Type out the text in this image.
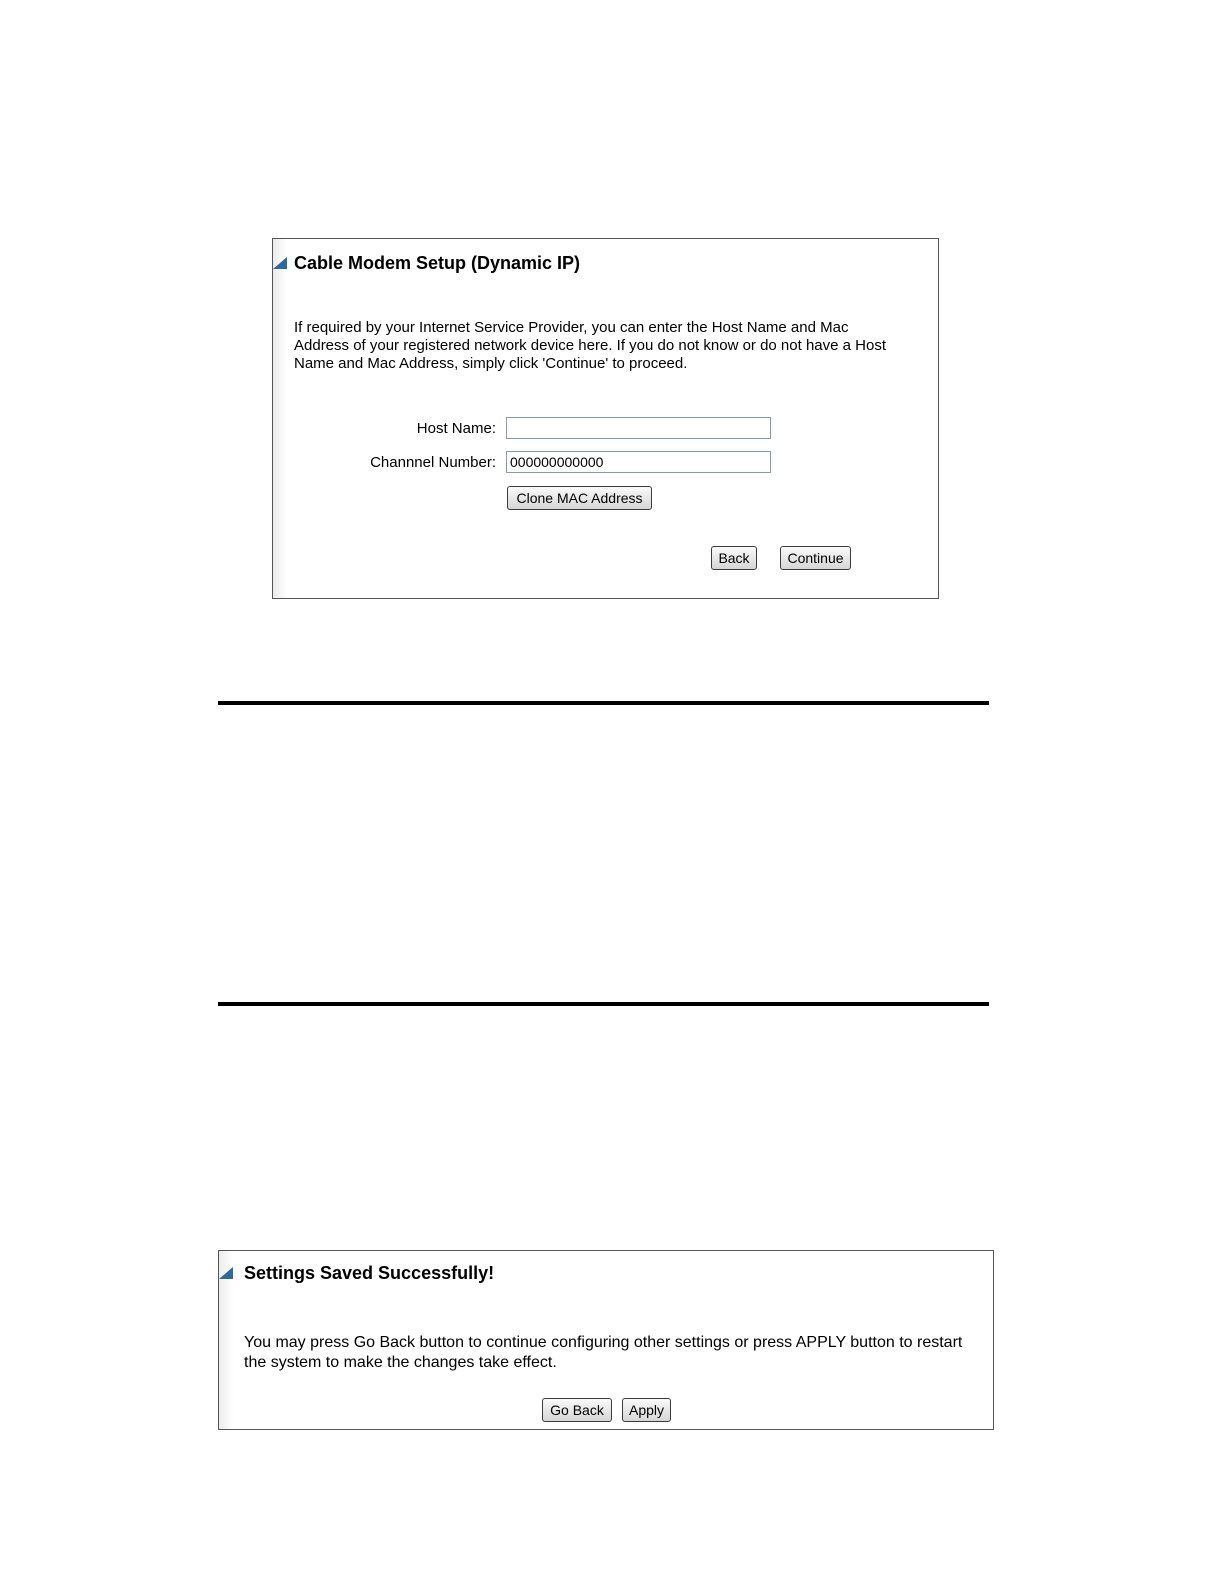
Cable Modem Setup (Dynamic IP)
If required by your Internet Service Provider, you can enter the Host Name and Mac Address of your registered network device here. If you do not know or do not have a Host Name and Mac Address, simply click 'Continue' to proceed.
Host Name:
Channnel Number:
000000000000
Clone MAC Address
Back	Continue
Settings Saved Successfully!
You may press Go Back button to continue configuring other settings or press APPLY button to restart the system to make the changes take effect.
Go Back	Apply
